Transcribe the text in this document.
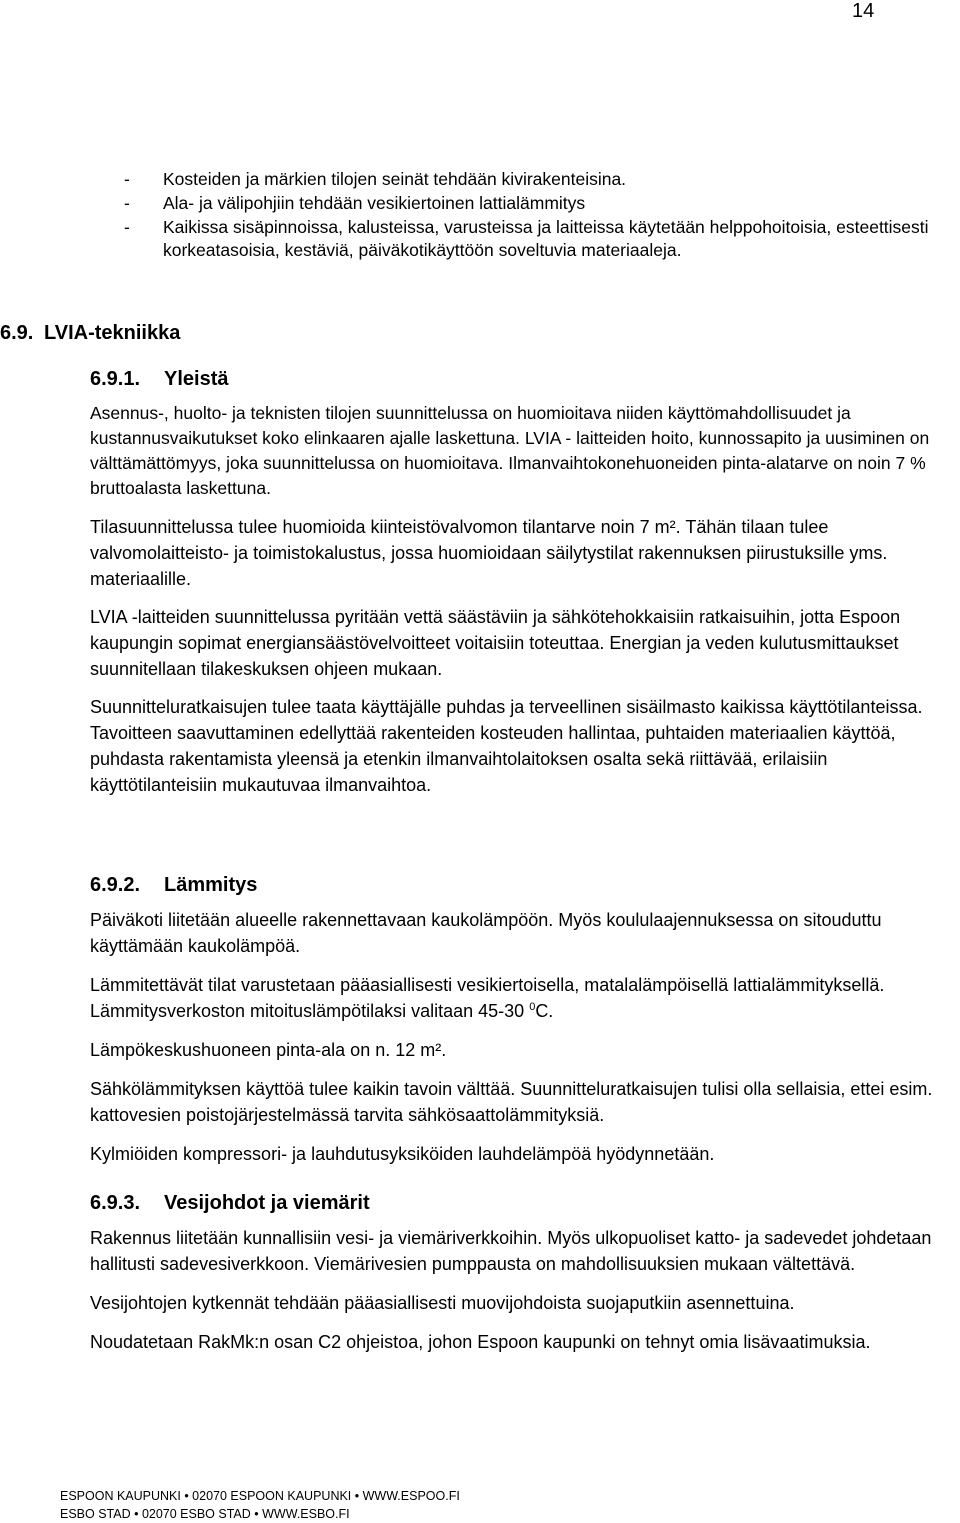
14
- Kosteiden ja märkien tilojen seinät tehdään kivirakenteisina.
- Ala- ja välipohjiin tehdään vesikiertoinen lattialämmitys
- Kaikissa sisäpinnoissa, kalusteissa, varusteissa ja laitteissa käytetään helppohoitoisia, esteettisesti korkeatasoisia, kestäviä, päiväkotikäyttöön soveltuvia materiaaleja.
6.9. LVIA-tekniikka
6.9.1. Yleistä

Asennus-, huolto- ja teknisten tilojen suunnittelussa on huomioitava niiden käyttömahdollisuudet ja kustannusvaikutukset koko elinkaaren ajalle laskettuna. LVIA - laitteiden hoito, kunnossapito ja uusiminen on välttämättömyys, joka suunnittelussa on huomioitava. Ilmanvaihtokonehuoneiden pinta-alatarve on noin 7 % bruttoalasta laskettuna.

Tilasuunnittelussa tulee huomioida kiinteistövalvomon tilantarve noin 7 m². Tähän tilaan tulee valvomolaitteisto- ja toimistokalustus, jossa huomioidaan säilytystilat rakennuksen piirustuksille yms. materiaalille.

LVIA -laitteiden suunnittelussa pyritään vettä säästäviin ja sähkötehokkaisiin ratkaisuihin, jotta Espoon kaupungin sopimat energiansäästövelvoitteet voitaisiin toteuttaa. Energian ja veden kulutusmittaukset suunnitellaan tilakeskuksen ohjeen mukaan.

Suunnitteluratkaisujen tulee taata käyttäjälle puhdas ja terveellinen sisäilmasto kaikissa käyttötilanteissa. Tavoitteen saavuttaminen edellyttää rakenteiden kosteuden hallintaa, puhtaiden materiaalien käyttöä, puhdasta rakentamista yleensä ja etenkin ilmanvaihtolaitoksen osalta sekä riittävää, erilaisiin käyttötilanteisiin mukautuvaa ilmanvaihtoa.

6.9.2. Lämmitys

Päiväkoti liitetään alueelle rakennettavaan kaukolämpöön. Myös koululaajennuksessa on sitouduttu käyttämään kaukolämpöä.

Lämmitettävät tilat varustetaan pääasiallisesti vesikiertoisella, matalalämpöisellä lattialämmityksellä. Lämmitysverkoston mitoituslämpötilaksi valitaan 45-30 $^0$C.

Lämpökeskushuoneen pinta-ala on n. 12 m².

Sähkölämmityksen käyttöä tulee kaikin tavoin välttää. Suunnitteluratkaisujen tulisi olla sellaisia, ettei esim. kattovesien poistojärjestelmässä tarvita sähkösaattolämmityksiä.

Kylmiöiden kompressori- ja lauhdutusyksiköiden lauhdelämpöä hyödynnetään.

6.9.3. Vesijohdot ja viemärit

Rakennus liitetään kunnallisiin vesi- ja viemäriverkkoihin. Myös ulkopuoliset katto- ja sadevedet johdetaan hallitusti sadevesiverkkoon. Viemärivesien pumppausta on mahdollisuuksien mukaan vältettävä.

Vesijohtojen kytkennät tehdään pääasiallisesti muovijohdoista suojaputkiin asennettuina.

Noudatetaan RakMk:n osan C2 ohjeistoa, johon Espoon kaupunki on tehnyt omia lisävaatimuksia.

ESPOON KAUPUNKI • 02070 ESPOON KAUPUNKI • WWW.ESPOO.FI
ESBO STAD • 02070 ESBO STAD • WWW.ESBO.FI
